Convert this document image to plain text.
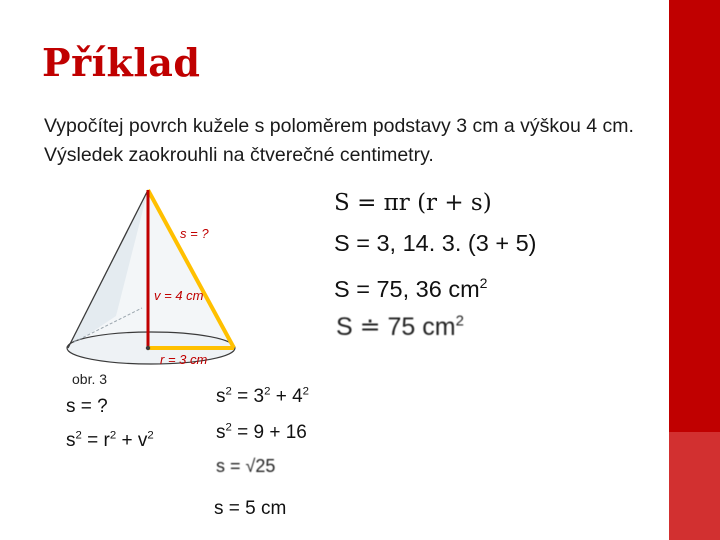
Příklad
Vypočítej povrch kužele s poloměrem podstavy 3 cm a výškou 4 cm. Výsledek zaokrouhli na čtverečné centimetry.
s = ?
v = 4 cm
r = 3 cm
obr. 3
S = πr (r + s)
S = 3, 14. 3. (3 + 5)
S = 75, 36 $cm^2$
S ≐ 75 $cm^2$
s = ?
$s^2 = r^2 + v^2$
$s^2 = 3^2 + 4^2$
$s^2 = 9 + 16$
s = √25
s = 5 cm
